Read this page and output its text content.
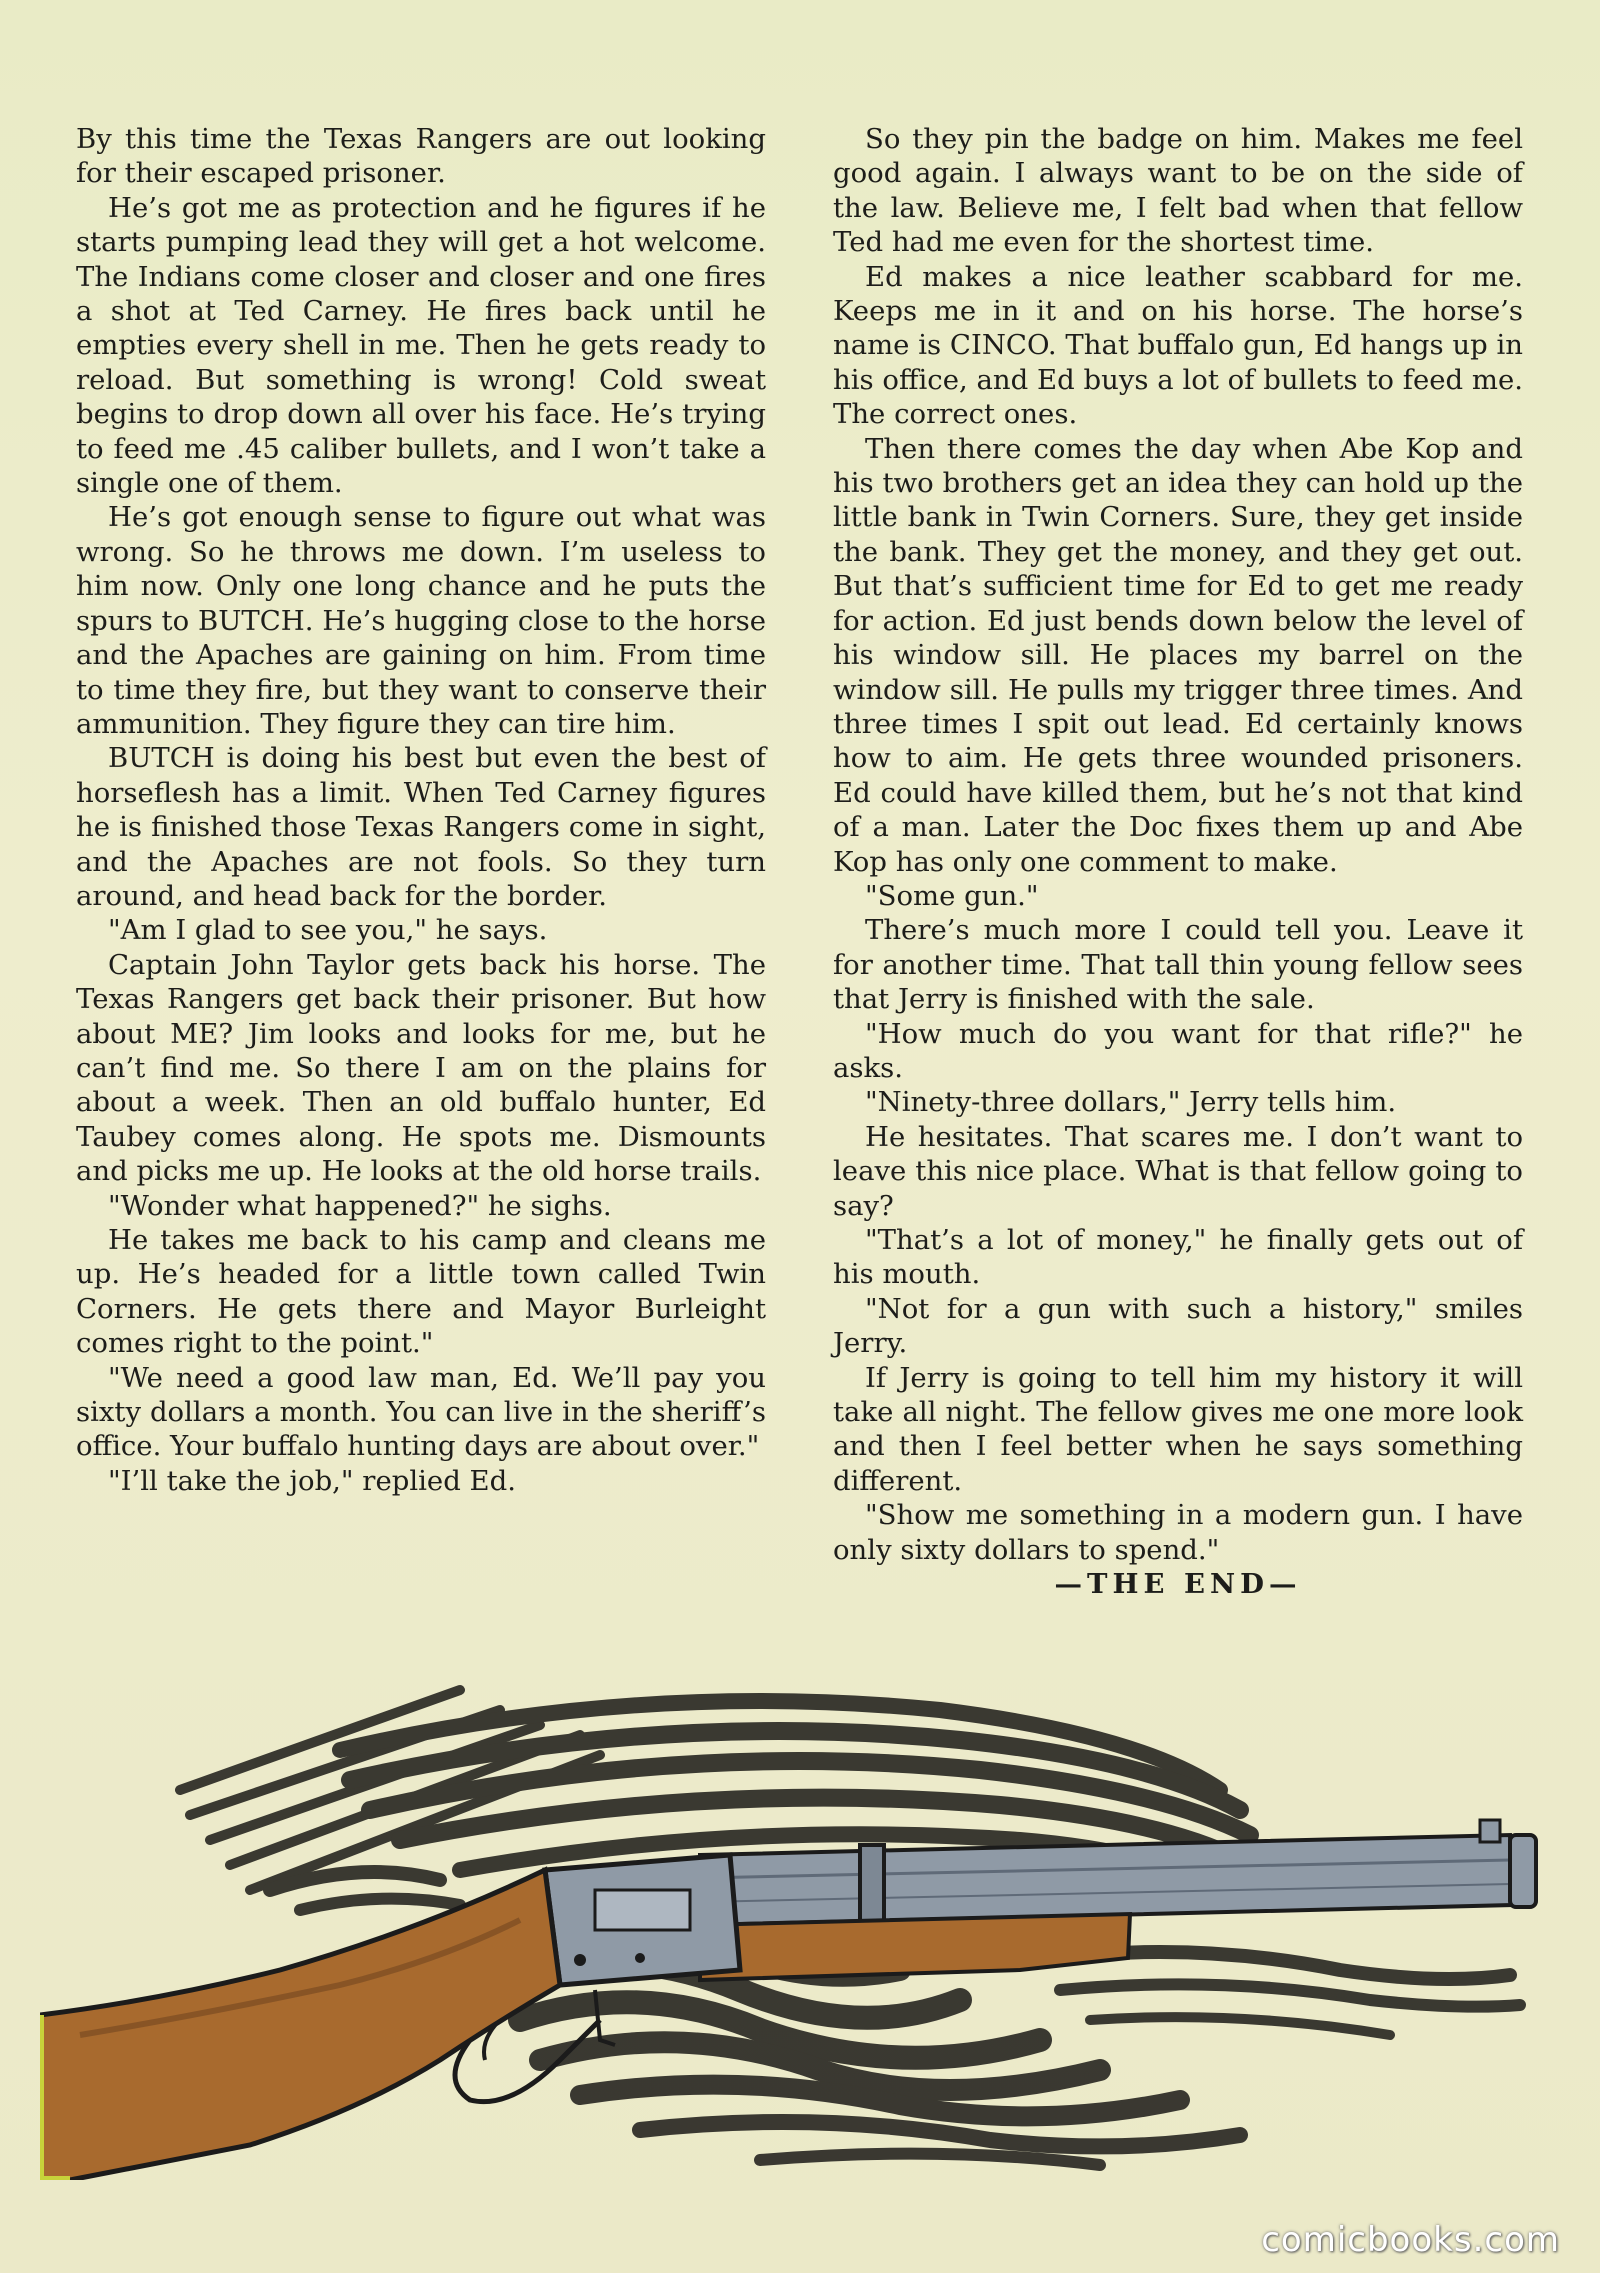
By this time the Texas Rangers are out looking for their escaped prisoner.

He’s got me as protection and he figures if he starts pumping lead they will get a hot welcome. The Indians come closer and closer and one fires a shot at Ted Carney. He fires back until he empties every shell in me. Then he gets ready to reload. But something is wrong! Cold sweat begins to drop down all over his face. He’s trying to feed me .45 caliber bullets, and I won’t take a single one of them.

He’s got enough sense to figure out what was wrong. So he throws me down. I’m useless to him now. Only one long chance and he puts the spurs to BUTCH. He’s hugging close to the horse and the Apaches are gaining on him. From time to time they fire, but they want to conserve their ammunition. They figure they can tire him.

BUTCH is doing his best but even the best of horseflesh has a limit. When Ted Carney figures he is finished those Texas Rangers come in sight, and the Apaches are not fools. So they turn around, and head back for the border.

"Am I glad to see you," he says.

Captain John Taylor gets back his horse. The Texas Rangers get back their prisoner. But how about ME? Jim looks and looks for me, but he can’t find me. So there I am on the plains for about a week. Then an old buffalo hunter, Ed Taubey comes along. He spots me. Dismounts and picks me up. He looks at the old horse trails.

"Wonder what happened?" he sighs.

He takes me back to his camp and cleans me up. He’s headed for a little town called Twin Corners. He gets there and Mayor Burleight comes right to the point."

"We need a good law man, Ed. We’ll pay you sixty dollars a month. You can live in the sheriff’s office. Your buffalo hunting days are about over."

"I’ll take the job," replied Ed.

So they pin the badge on him. Makes me feel good again. I always want to be on the side of the law. Believe me, I felt bad when that fellow Ted had me even for the shortest time.

Ed makes a nice leather scabbard for me. Keeps me in it and on his horse. The horse’s name is CINCO. That buffalo gun, Ed hangs up in his office, and Ed buys a lot of bullets to feed me. The correct ones.

Then there comes the day when Abe Kop and his two brothers get an idea they can hold up the little bank in Twin Corners. Sure, they get inside the bank. They get the money, and they get out. But that’s sufficient time for Ed to get me ready for action. Ed just bends down below the level of his window sill. He places my barrel on the window sill. He pulls my trigger three times. And three times I spit out lead. Ed certainly knows how to aim. He gets three wounded prisoners. Ed could have killed them, but he’s not that kind of a man. Later the Doc fixes them up and Abe Kop has only one comment to make.

"Some gun."

There’s much more I could tell you. Leave it for another time. That tall thin young fellow sees that Jerry is finished with the sale.

"How much do you want for that rifle?" he asks.

"Ninety-three dollars," Jerry tells him.

He hesitates. That scares me. I don’t want to leave this nice place. What is that fellow going to say?

"That’s a lot of money," he finally gets out of his mouth.

"Not for a gun with such a history," smiles Jerry.

If Jerry is going to tell him my history it will take all night. The fellow gives me one more look and then I feel better when he says something different.

"Show me something in a modern gun. I have only sixty dollars to spend."

—THE END—

comicbooks.com
